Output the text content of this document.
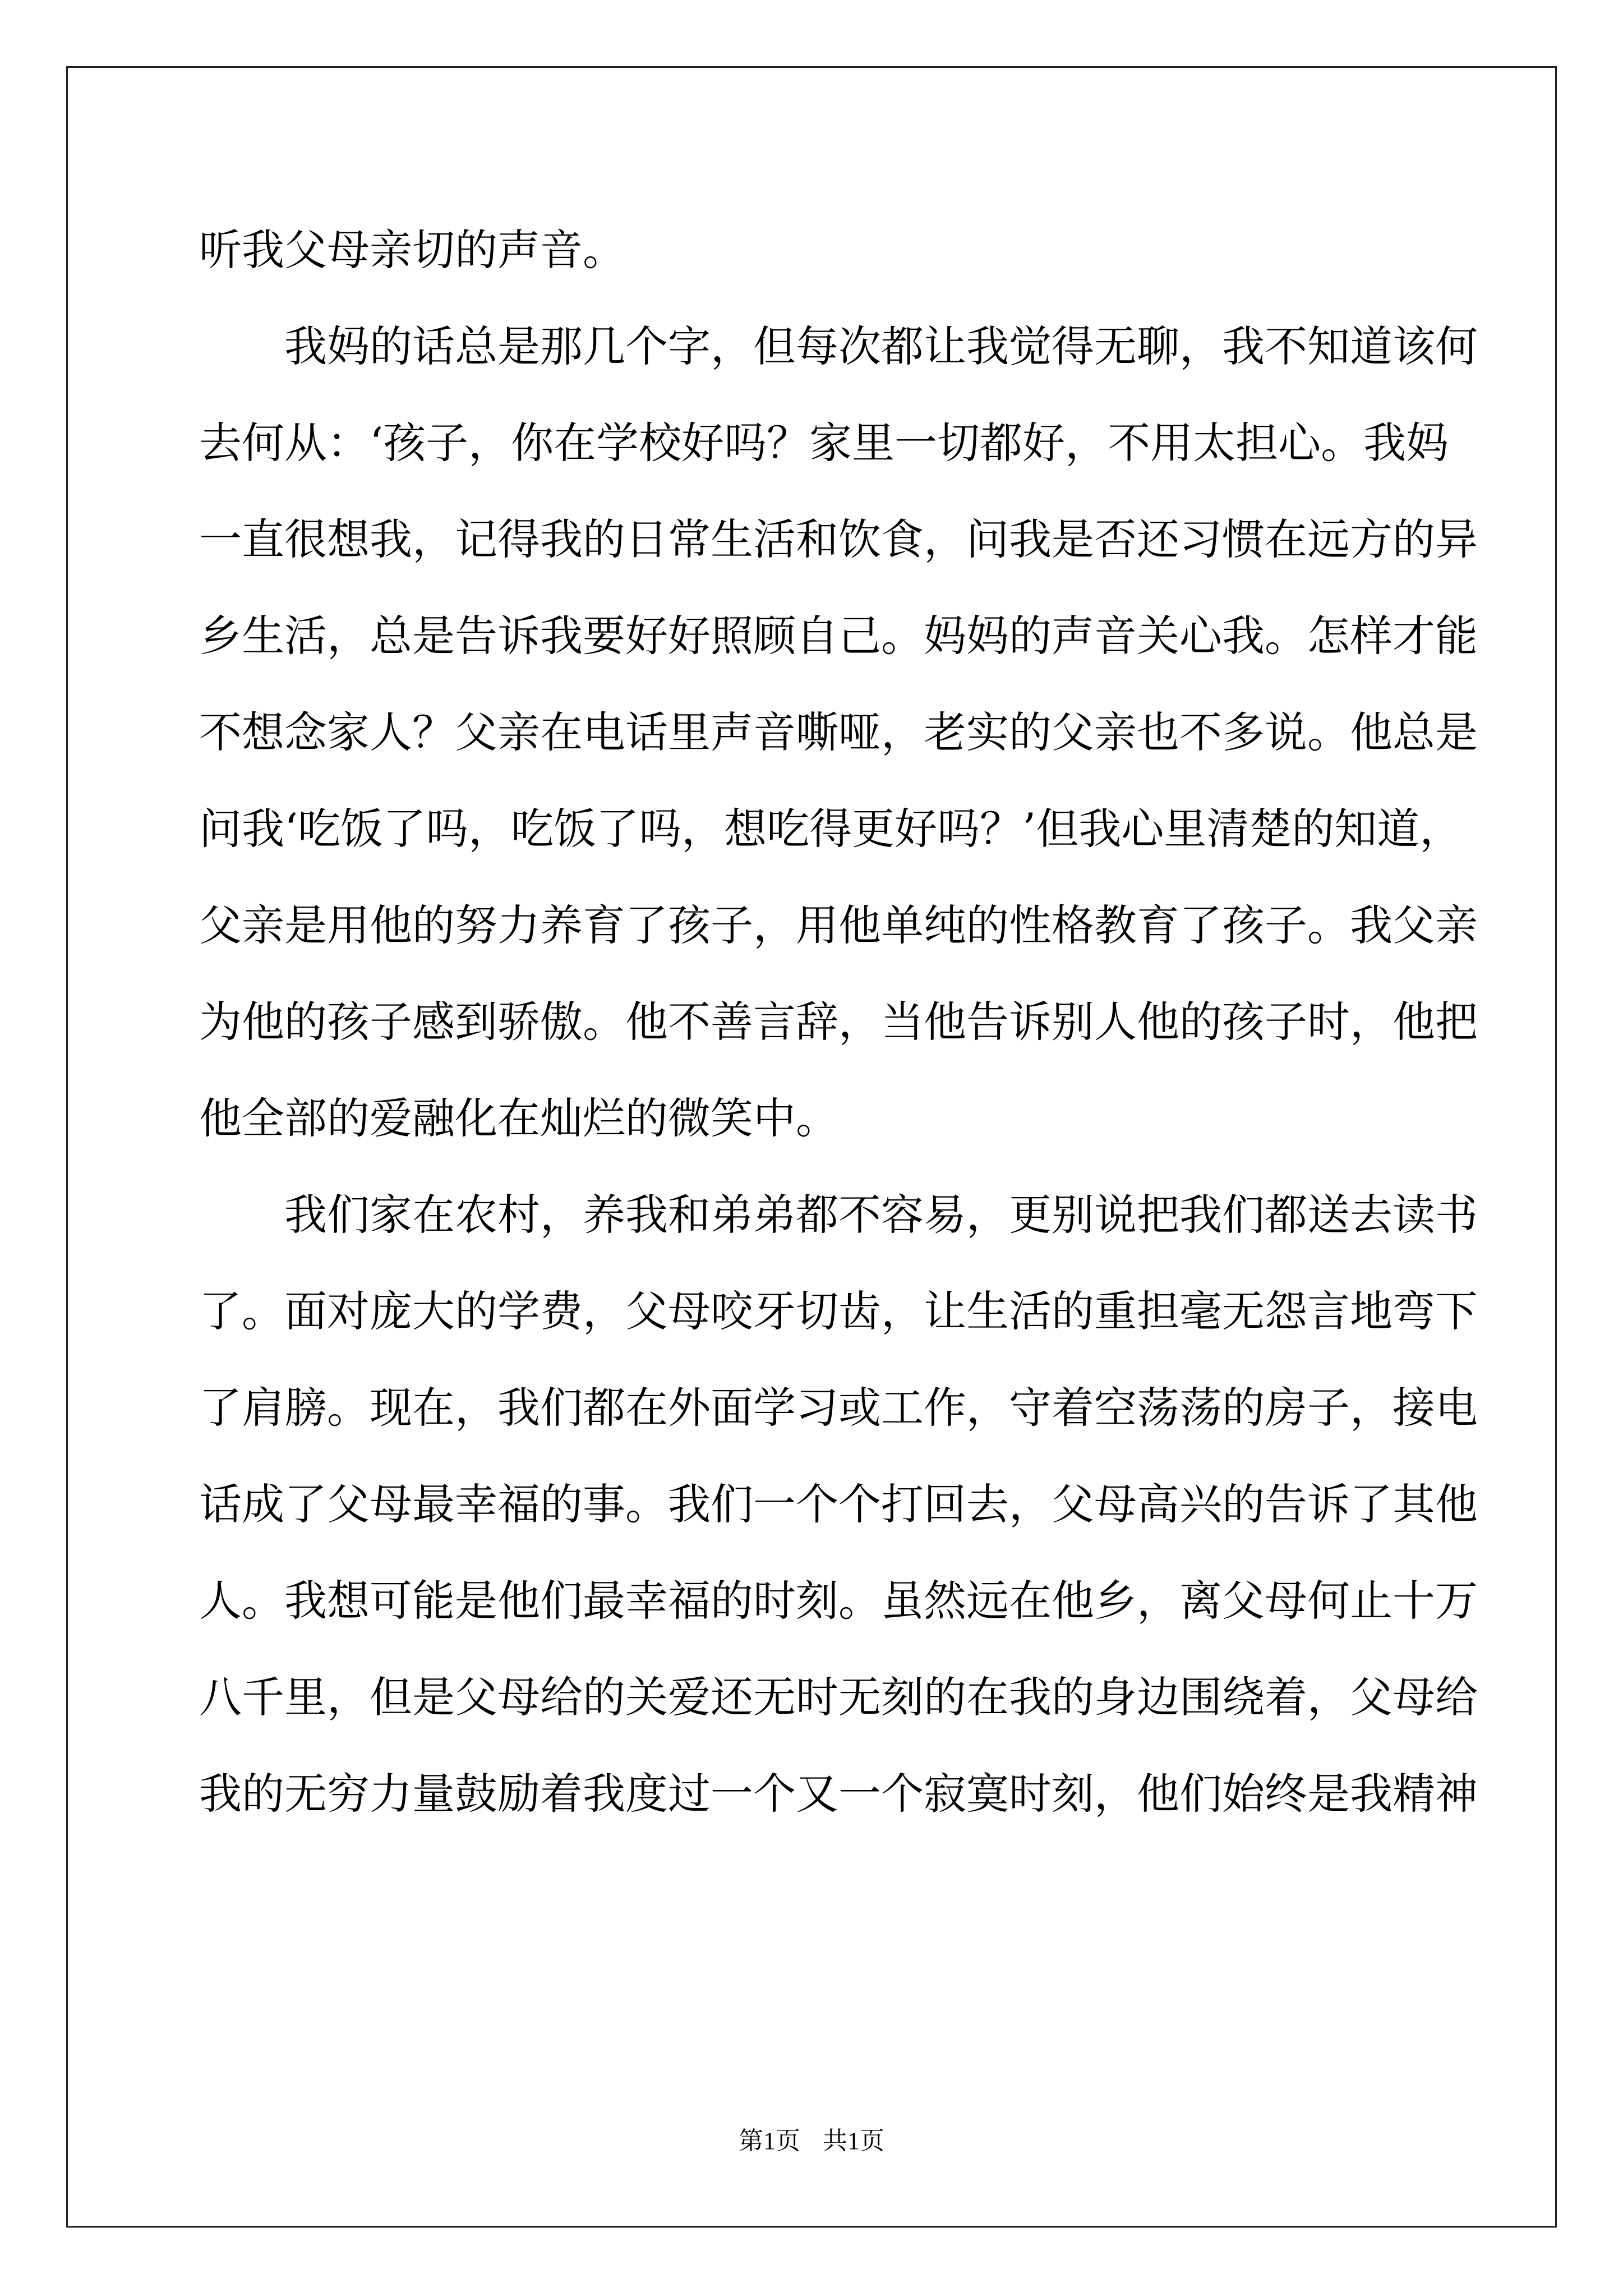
听我父母亲切的声音。
我妈的话总是那几个字，但每次都让我觉得无聊，我不知道该何
去何从：‘孩子，你在学校好吗？家里一切都好，不用太担心。我妈
一直很想我，记得我的日常生活和饮食，问我是否还习惯在远方的异
乡生活，总是告诉我要好好照顾自己。妈妈的声音关心我。怎样才能
不想念家人？父亲在电话里声音嘶哑，老实的父亲也不多说。他总是
问我‘吃饭了吗，吃饭了吗，想吃得更好吗？’但我心里清楚的知道，
父亲是用他的努力养育了孩子，用他单纯的性格教育了孩子。我父亲
为他的孩子感到骄傲。他不善言辞，当他告诉别人他的孩子时，他把
他全部的爱融化在灿烂的微笑中。
我们家在农村，养我和弟弟都不容易，更别说把我们都送去读书
了。面对庞大的学费，父母咬牙切齿，让生活的重担毫无怨言地弯下
了肩膀。现在，我们都在外面学习或工作，守着空荡荡的房子，接电
话成了父母最幸福的事。我们一个个打回去，父母高兴的告诉了其他
人。我想可能是他们最幸福的时刻。虽然远在他乡，离父母何止十万
八千里，但是父母给的关爱还无时无刻的在我的身边围绕着，父母给
我的无穷力量鼓励着我度过一个又一个寂寞时刻，他们始终是我精神
第1页 共1页
